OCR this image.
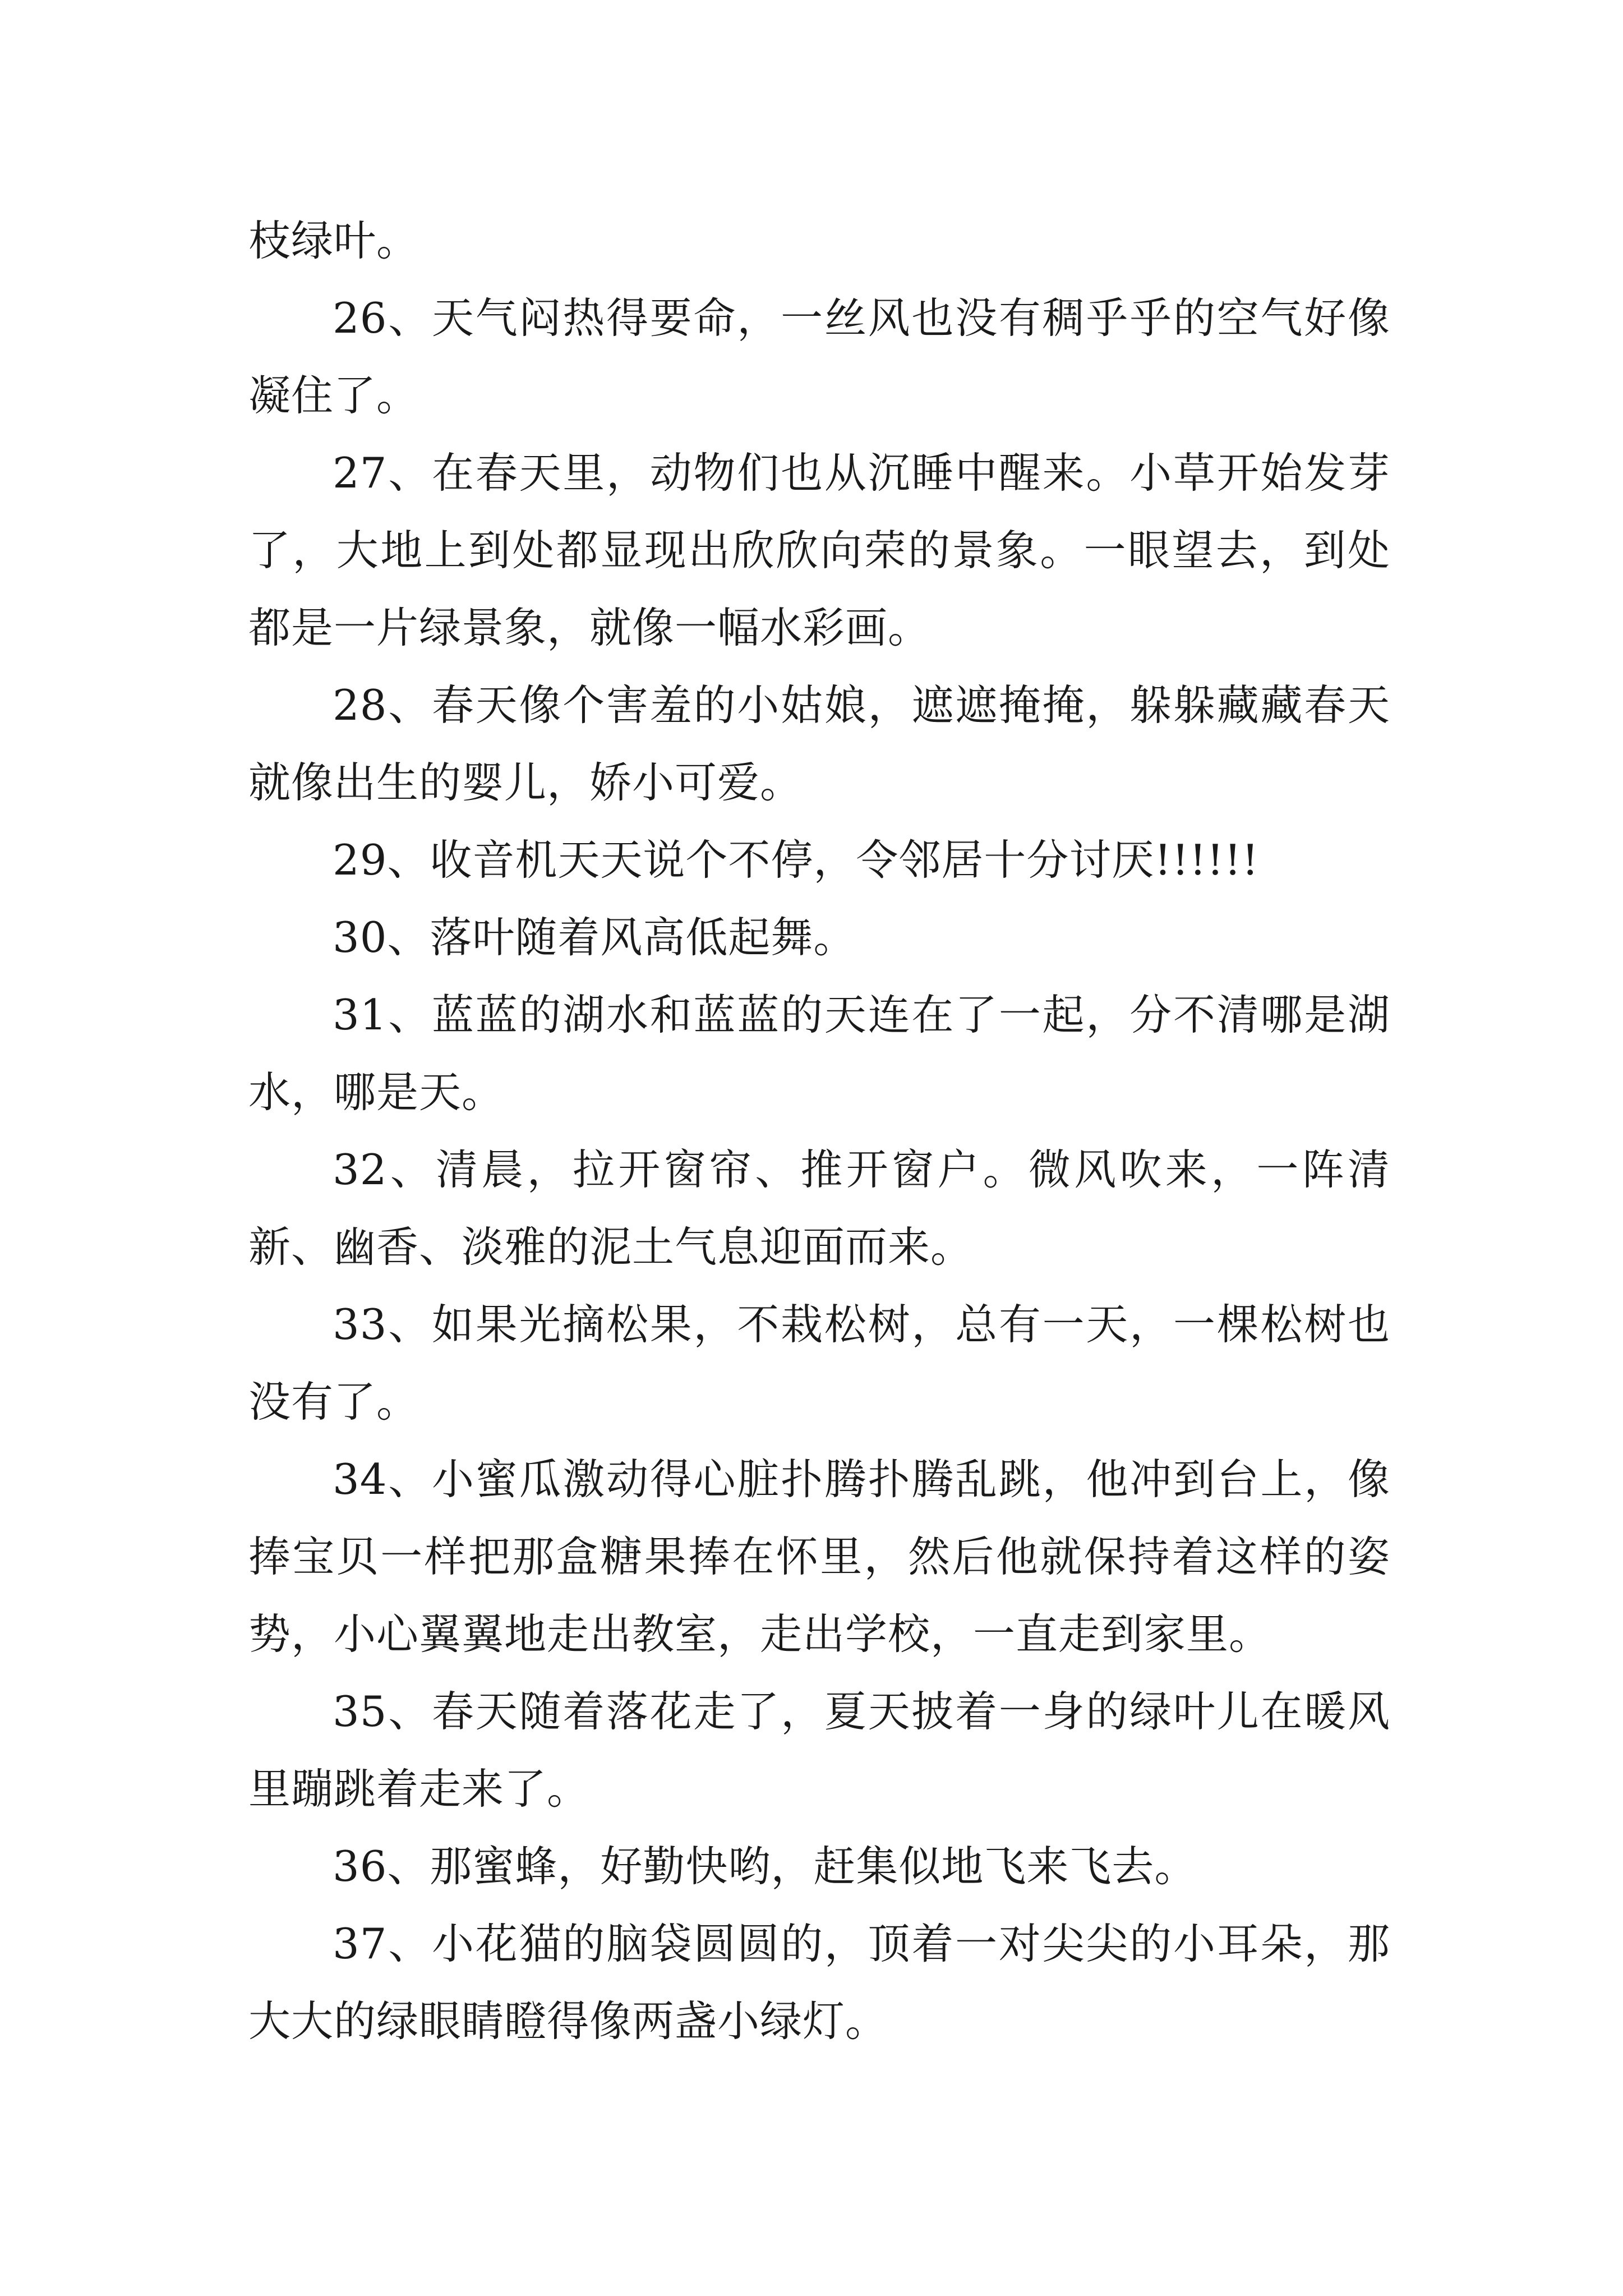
枝绿叶。

26、天气闷热得要命，一丝风也没有稠乎乎的空气好像凝住了。

27、在春天里，动物们也从沉睡中醒来。小草开始发芽了，大地上到处都显现出欣欣向荣的景象。一眼望去，到处都是一片绿景象，就像一幅水彩画。

28、春天像个害羞的小姑娘，遮遮掩掩，躲躲藏藏春天就像出生的婴儿，娇小可爱。

29、收音机天天说个不停，令邻居十分讨厌!!!!!!

30、落叶随着风高低起舞。

31、蓝蓝的湖水和蓝蓝的天连在了一起，分不清哪是湖水，哪是天。

32、清晨，拉开窗帘、推开窗户。微风吹来，一阵清新、幽香、淡雅的泥土气息迎面而来。

33、如果光摘松果，不栽松树，总有一天，一棵松树也没有了。

34、小蜜瓜激动得心脏扑腾扑腾乱跳，他冲到台上，像捧宝贝一样把那盒糖果捧在怀里，然后他就保持着这样的姿势，小心翼翼地走出教室，走出学校，一直走到家里。

35、春天随着落花走了，夏天披着一身的绿叶儿在暖风里蹦跳着走来了。

36、那蜜蜂，好勤快哟，赶集似地飞来飞去。

37、小花猫的脑袋圆圆的，顶着一对尖尖的小耳朵，那大大的绿眼睛瞪得像两盏小绿灯。
